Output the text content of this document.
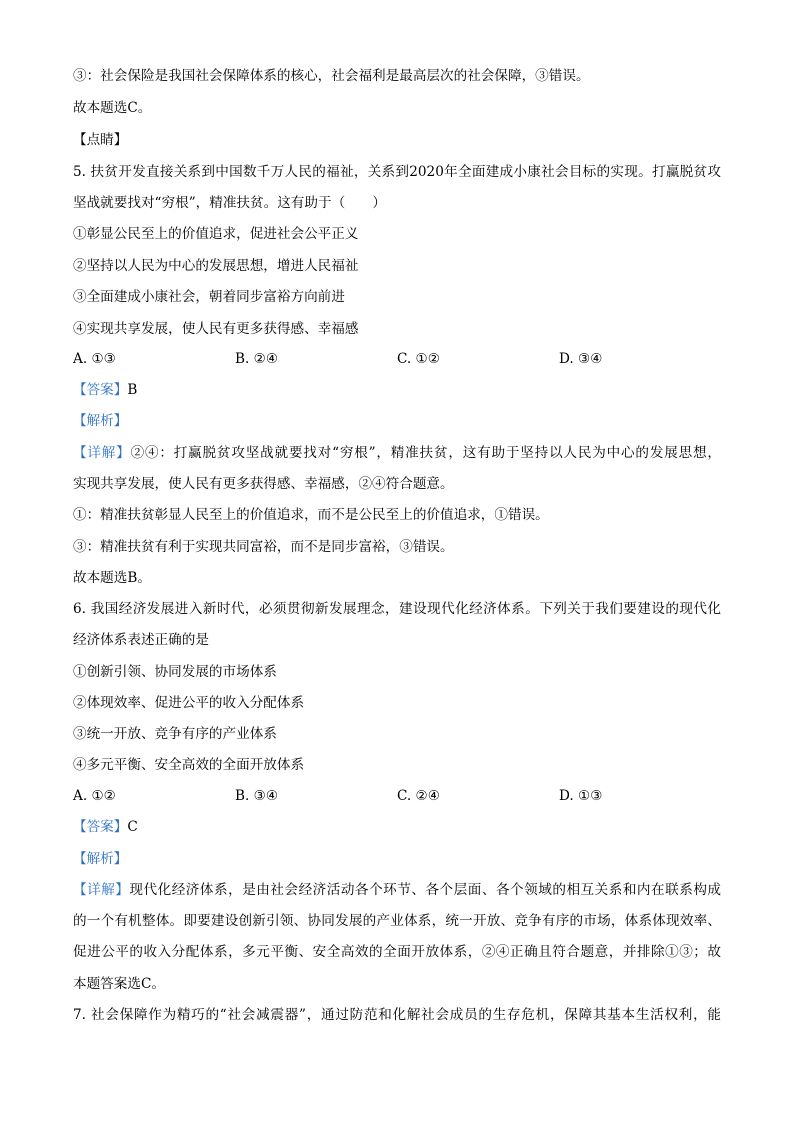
③：社会保险是我国社会保障体系的核心，社会福利是最高层次的社会保障，③错误。
故本题选C。
【点睛】
5. 扶贫开发直接关系到中国数千万人民的福祉，关系到2020年全面建成小康社会目标的实现。打赢脱贫攻
坚战就要找对“穷根”，精准扶贫。这有助于（　　）
①彰显公民至上的价值追求，促进社会公平正义
②坚持以人民为中心的发展思想，增进人民福祉
③全面建成小康社会，朝着同步富裕方向前进
④实现共享发展，使人民有更多获得感、幸福感
A. ①③	B. ②④	C. ①②	D. ③④
【答案】B
【解析】
【详解】②④：打赢脱贫攻坚战就要找对“穷根”，精准扶贫，这有助于坚持以人民为中心的发展思想，
实现共享发展，使人民有更多获得感、幸福感，②④符合题意。
①：精准扶贫彰显人民至上的价值追求，而不是公民至上的价值追求，①错误。
③：精准扶贫有利于实现共同富裕，而不是同步富裕，③错误。
故本题选B。
6. 我国经济发展进入新时代，必须贯彻新发展理念，建设现代化经济体系。下列关于我们要建设的现代化
经济体系表述正确的是
①创新引领、协同发展的市场体系
②体现效率、促进公平的收入分配体系
③统一开放、竞争有序的产业体系
④多元平衡、安全高效的全面开放体系
A. ①②	B. ③④	C. ②④	D. ①③
【答案】C
【解析】
【详解】现代化经济体系，是由社会经济活动各个环节、各个层面、各个领域的相互关系和内在联系构成
的一个有机整体。即要建设创新引领、协同发展的产业体系，统一开放、竞争有序的市场，体系体现效率、
促进公平的收入分配体系，多元平衡、安全高效的全面开放体系，②④正确且符合题意，并排除①③；故
本题答案选C。
7. 社会保障作为精巧的“社会减震器”，通过防范和化解社会成员的生存危机，保障其基本生活权利，能
